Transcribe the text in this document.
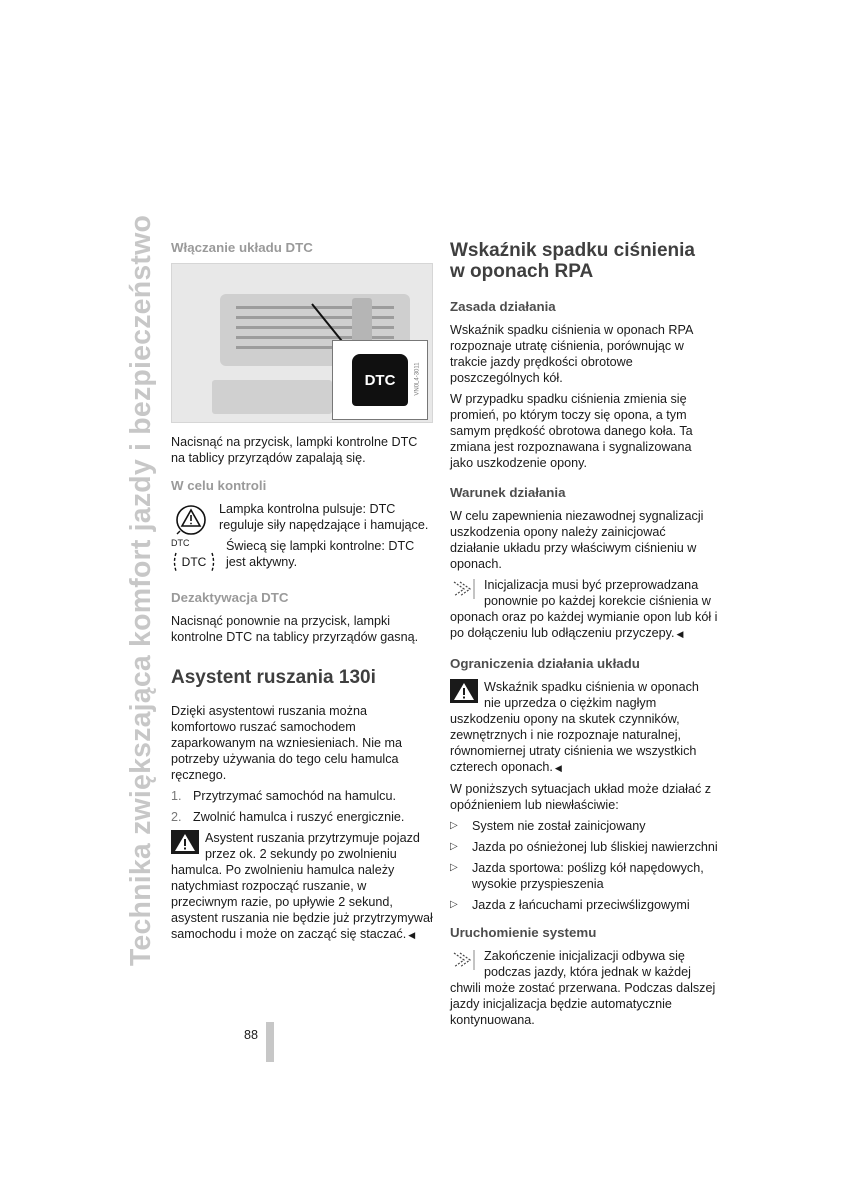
Technika zwiększająca komfort jazdy i bezpieczeństwo Włączanie układu DTC
DTC	VN0L4-3011

Nacisnąć na przycisk, lampki kontrolne DTC na tablicy przyrządów zapalają się.

W celu kontroli

Lampka kontrolna pulsuje: DTC reguluje siły napędzające i hamujące.

DTC
DTC

Świecą się lampki kontrolne: DTC jest aktywny.

Dezaktywacja DTC

Nacisnąć ponownie na przycisk, lampki kontrolne DTC na tablicy przyrządów gasną.

Asystent ruszania 130i

Dzięki asystentowi ruszania można komfortowo ruszać samochodem zaparkowanym na wzniesieniach. Nie ma potrzeby używania do tego celu hamulca ręcznego.

1. Przytrzymać samochód na hamulcu.
2. Zwolnić hamulca i ruszyć energicznie.

Asystent ruszania przytrzymuje pojazd przez ok. 2 sekundy po zwolnieniu hamulca. Po zwolnieniu hamulca należy natychmiast rozpocząć ruszanie, w przeciwnym razie, po upływie 2 sekund, asystent ruszania nie będzie już przytrzymywał samochodu i może on zacząć się staczać. ◀

Wskaźnik spadku ciśnienia w oponach RPA
Zasada działania

Wskaźnik spadku ciśnienia w oponach RPA rozpoznaje utratę ciśnienia, porównując w trakcie jazdy prędkości obrotowe poszczególnych kół.

W przypadku spadku ciśnienia zmienia się promień, po którym toczy się opona, a tym samym prędkość obrotowa danego koła. Ta zmiana jest rozpoznawana i sygnalizowana jako uszkodzenie opony.

Warunek działania

W celu zapewnienia niezawodnej sygnalizacji uszkodzenia opony należy zainicjować działanie układu przy właściwym ciśnieniu w oponach.

Inicjalizacja musi być przeprowadzana ponownie po każdej korekcie ciśnienia w oponach oraz po każdej wymianie opon lub kół i po dołączeniu lub odłączeniu przyczepy. ◀

Ograniczenia działania układu

Wskaźnik spadku ciśnienia w oponach nie uprzedza o ciężkim nagłym uszkodzeniu opony na skutek czynników, zewnętrznych i nie rozpoznaje naturalnej, równomiernej utraty ciśnienia we wszystkich czterech oponach. ◀

W poniższych sytuacjach układ może działać z opóźnieniem lub niewłaściwie:

▷
System nie został zainicjowany
▷
Jazda po ośnieżonej lub śliskiej nawierzchni
▷
Jazda sportowa: poślizg kół napędowych, wysokie przyspieszenia
▷
Jazda z łańcuchami przeciwślizgowymi
Uruchomienie systemu

Zakończenie inicjalizacji odbywa się podczas jazdy, która jednak w każdej chwili może zostać przerwana. Podczas dalszej jazdy inicjalizacja będzie automatycznie kontynuowana.

88
